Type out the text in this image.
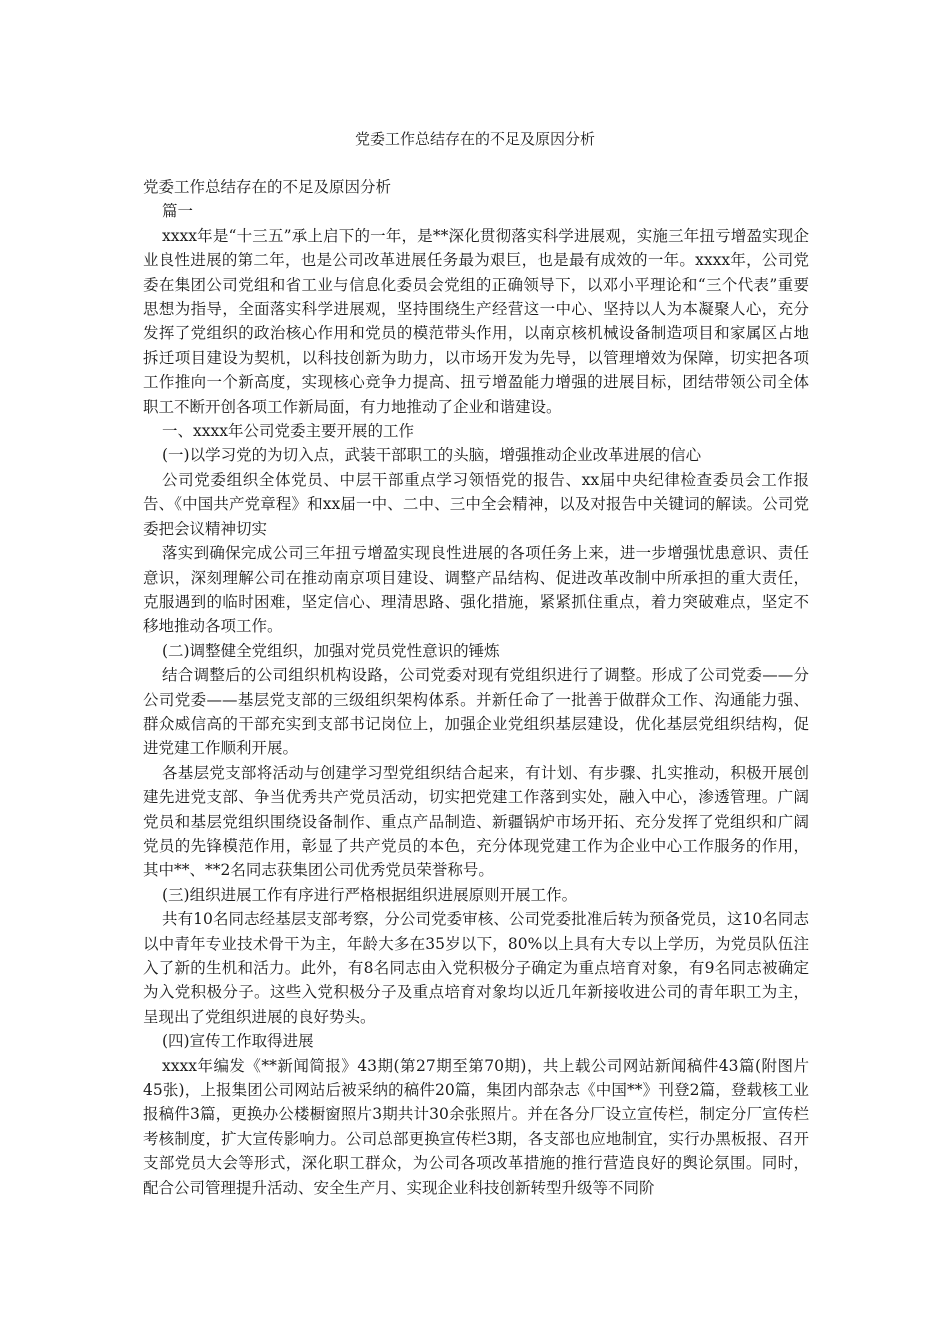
党委工作总结存在的不足及原因分析

党委工作总结存在的不足及原因分析

篇一

xxxx年是“十三五”承上启下的一年，是**深化贯彻落实科学进展观，实施三年扭亏增盈实现企业良性进展的第二年，也是公司改革进展任务最为艰巨，也是最有成效的一年。xxxx年，公司党委在集团公司党组和省工业与信息化委员会党组的正确领导下，以邓小平理论和“三个代表”重要思想为指导，全面落实科学进展观，坚持围绕生产经营这一中心、坚持以人为本凝聚人心，充分发挥了党组织的政治核心作用和党员的模范带头作用，以南京核机械设备制造项目和家属区占地拆迁项目建设为契机，以科技创新为助力，以市场开发为先导，以管理增效为保障，切实把各项工作推向一个新高度，实现核心竞争力提高、扭亏增盈能力增强的进展目标，团结带领公司全体职工不断开创各项工作新局面，有力地推动了企业和谐建设。

一、xxxx年公司党委主要开展的工作

(一)以学习党的为切入点，武装干部职工的头脑，增强推动企业改革进展的信心

公司党委组织全体党员、中层干部重点学习领悟党的报告、xx届中央纪律检查委员会工作报告、《中国共产党章程》和xx届一中、二中、三中全会精神，以及对报告中关键词的解读。公司党委把会议精神切实

落实到确保完成公司三年扭亏增盈实现良性进展的各项任务上来，进一步增强忧患意识、责任意识，深刻理解公司在推动南京项目建设、调整产品结构、促进改革改制中所承担的重大责任，克服遇到的临时困难，坚定信心、理清思路、强化措施，紧紧抓住重点，着力突破难点，坚定不移地推动各项工作。

(二)调整健全党组织，加强对党员党性意识的锤炼

结合调整后的公司组织机构设路，公司党委对现有党组织进行了调整。形成了公司党委——分公司党委——基层党支部的三级组织架构体系。并新任命了一批善于做群众工作、沟通能力强、群众威信高的干部充实到支部书记岗位上，加强企业党组织基层建设，优化基层党组织结构，促进党建工作顺利开展。

各基层党支部将活动与创建学习型党组织结合起来，有计划、有步骤、扎实推动，积极开展创建先进党支部、争当优秀共产党员活动，切实把党建工作落到实处，融入中心，渗透管理。广阔党员和基层党组织围绕设备制作、重点产品制造、新疆锅炉市场开拓、充分发挥了党组织和广阔党员的先锋模范作用，彰显了共产党员的本色，充分体现党建工作为企业中心工作服务的作用，其中**、**2名同志获集团公司优秀党员荣誉称号。

(三)组织进展工作有序进行严格根据组织进展原则开展工作。

共有10名同志经基层支部考察，分公司党委审核、公司党委批准后转为预备党员，这10名同志以中青年专业技术骨干为主，年龄大多在35岁以下，80%以上具有大专以上学历，为党员队伍注入了新的生机和活力。此外，有8名同志由入党积极分子确定为重点培育对象，有9名同志被确定为入党积极分子。这些入党积极分子及重点培育对象均以近几年新接收进公司的青年职工为主，呈现出了党组织进展的良好势头。

(四)宣传工作取得进展

xxxx年编发《**新闻简报》43期(第27期至第70期)，共上载公司网站新闻稿件43篇(附图片45张)，上报集团公司网站后被采纳的稿件20篇，集团内部杂志《中国**》刊登2篇，登载核工业报稿件3篇，更换办公楼橱窗照片3期共计30余张照片。并在各分厂设立宣传栏，制定分厂宣传栏考核制度，扩大宣传影响力。公司总部更换宣传栏3期，各支部也应地制宜，实行办黑板报、召开支部党员大会等形式，深化职工群众，为公司各项改革措施的推行营造良好的舆论氛围。同时，配合公司管理提升活动、安全生产月、实现企业科技创新转型升级等不同阶
